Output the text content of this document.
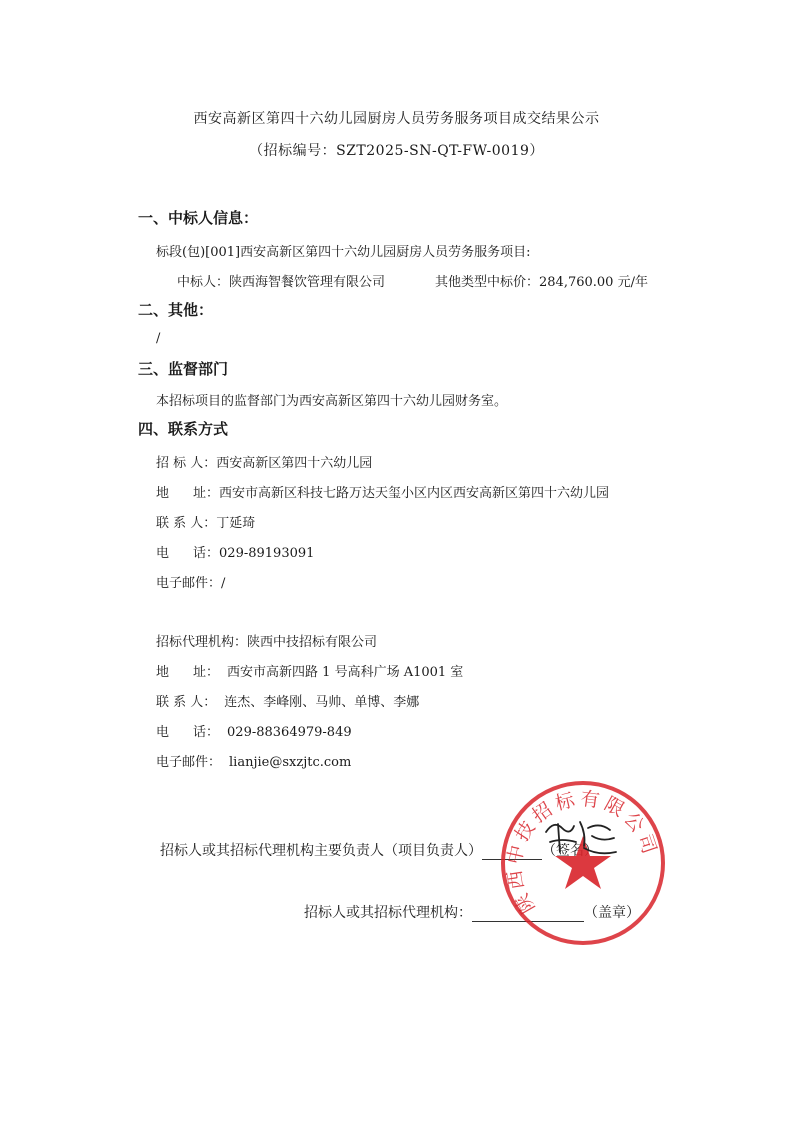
西安高新区第四十六幼儿园厨房人员劳务服务项目成交结果公示
（招标编号：SZT2025-SN-QT-FW-0019）
一、中标人信息：
标段(包)[001]西安高新区第四十六幼儿园厨房人员劳务服务项目:
中标人：陕西海智餐饮管理有限公司	其他类型中标价：284,760.00 元/年
二、其他：
/
三、监督部门
本招标项目的监督部门为西安高新区第四十六幼儿园财务室。
四、联系方式
招 标 人：西安高新区第四十六幼儿园
地 址：西安市高新区科技七路万达天玺小区内区西安高新区第四十六幼儿园
联 系 人：丁延琦
电 话：029-89193091
电子邮件：/
招标代理机构：陕西中技招标有限公司
地 址： 西安市高新四路 1 号高科广场 A1001 室
联 系 人： 连杰、李峰刚、马帅、单博、李娜
电 话： 029-88364979-849
电子邮件： lianjie@sxzjtc.com
招标人或其招标代理机构主要负责人（项目负责人）	（签名）
招标人或其招标代理机构：	（盖章）
陕西中技招标有限公司
